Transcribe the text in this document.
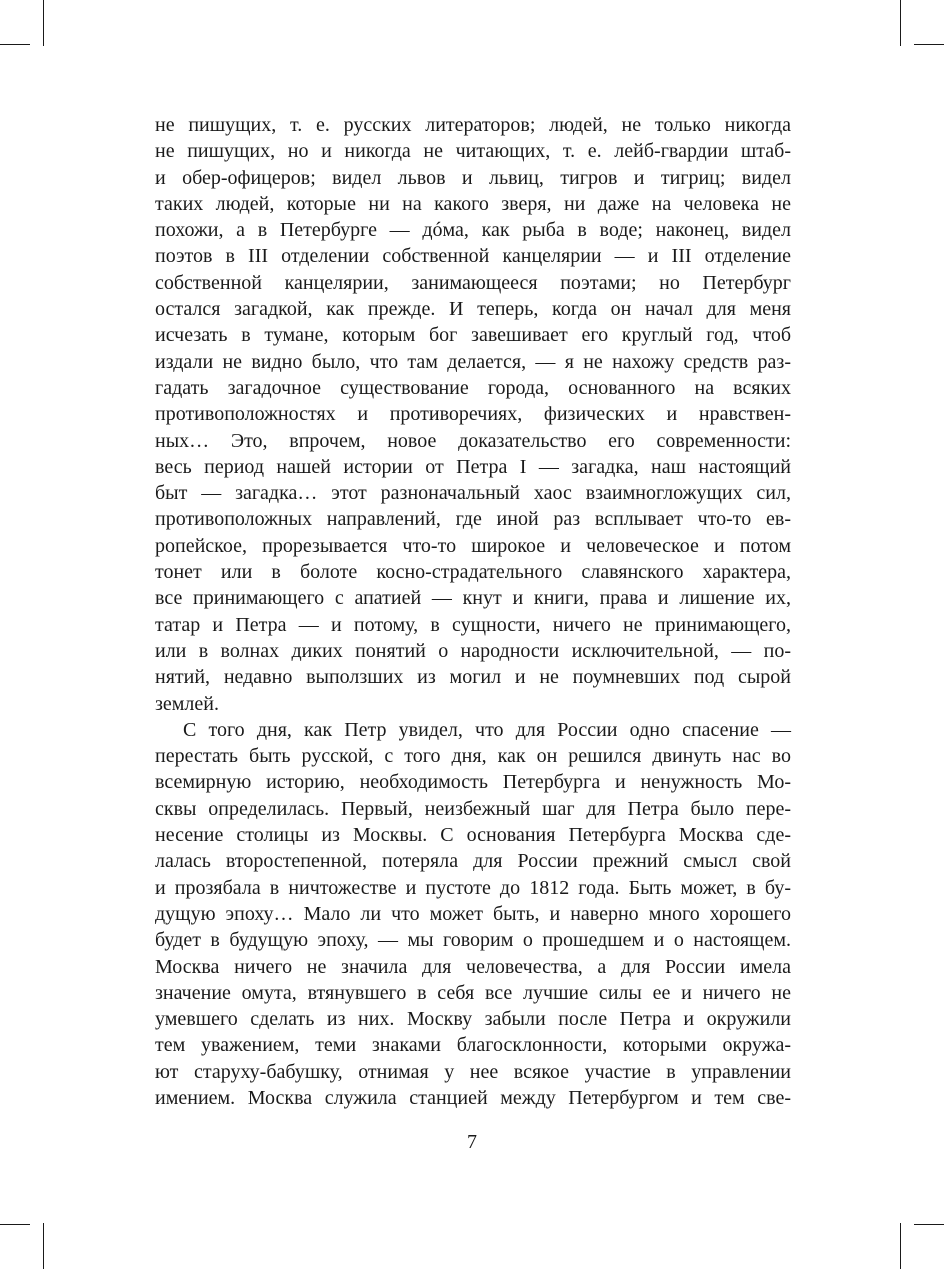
не пишущих, т. е. русских литераторов; людей, не только никогда
не пишущих, но и никогда не читающих, т. е. лейб-гвардии штаб-
и обер-офицеров; видел львов и львиц, тигров и тигриц; видел
таких людей, которые ни на какого зверя, ни даже на человека не
похожи, а в Петербурге — дóма, как рыба в воде; наконец, видел
поэтов в III отделении собственной канцелярии — и III отделение
собственной канцелярии, занимающееся поэтами; но Петербург
остался загадкой, как прежде. И теперь, когда он начал для меня
исчезать в тумане, которым бог завешивает его круглый год, чтоб
издали не видно было, что там делается, — я не нахожу средств раз-
гадать загадочное существование города, основанного на всяких
противоположностях и противоречиях, физических и нравствен-
ных… Это, впрочем, новое доказательство его современности:
весь период нашей истории от Петра I — загадка, наш настоящий
быт — загадка… этот разноначальный хаос взаимногложущих сил,
противоположных направлений, где иной раз всплывает что-то ев-
ропейское, прорезывается что-то широкое и человеческое и потом
тонет или в болоте косно-страдательного славянского характера,
все принимающего с апатией — кнут и книги, права и лишение их,
татар и Петра — и потому, в сущности, ничего не принимающего,
или в волнах диких понятий о народности исключительной, — по-
нятий, недавно выползших из могил и не поумневших под сырой
землей.
С того дня, как Петр увидел, что для России одно спасение —
перестать быть русской, с того дня, как он решился двинуть нас во
всемирную историю, необходимость Петербурга и ненужность Мо-
сквы определилась. Первый, неизбежный шаг для Петра было пере-
несение столицы из Москвы. С основания Петербурга Москва сде-
лалась второстепенной, потеряла для России прежний смысл свой
и прозябала в ничтожестве и пустоте до 1812 года. Быть может, в бу-
дущую эпоху… Мало ли что может быть, и наверно много хорошего
будет в будущую эпоху, — мы говорим о прошедшем и о настоящем.
Москва ничего не значила для человечества, а для России имела
значение омута, втянувшего в себя все лучшие силы ее и ничего не
умевшего сделать из них. Москву забыли после Петра и окружили
тем уважением, теми знаками благосклонности, которыми окружа-
ют старуху-бабушку, отнимая у нее всякое участие в управлении
имением. Москва служила станцией между Петербургом и тем све-
7
